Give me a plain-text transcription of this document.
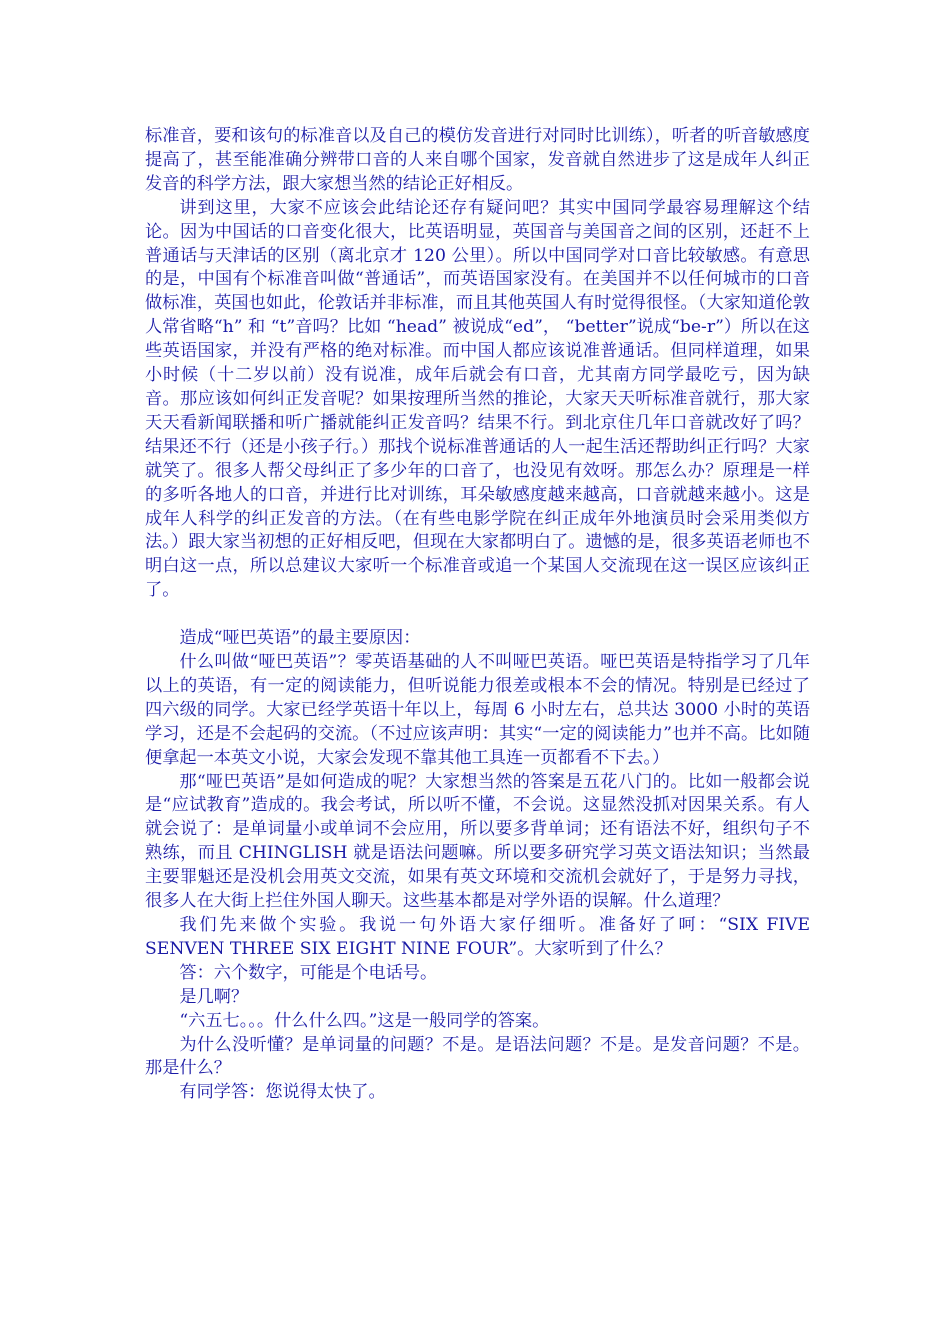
标准音，要和该句的标准音以及自己的模仿发音进行对同时比训练），听者的听音敏感度提高了，甚至能准确分辨带口音的人来自哪个国家，发音就自然进步了这是成年人纠正发音的科学方法，跟大家想当然的结论正好相反。

讲到这里，大家不应该会此结论还存有疑问吧？其实中国同学最容易理解这个结论。因为中国话的口音变化很大，比英语明显，英国音与美国音之间的区别，还赶不上普通话与天津话的区别（离北京才 120 公里）。所以中国同学对口音比较敏感。有意思的是，中国有个标准音叫做“普通话”，而英语国家没有。在美国并不以任何城市的口音做标准，英国也如此，伦敦话并非标准，而且其他英国人有时觉得很怪。（大家知道伦敦人常省略“h” 和 “t”音吗？比如 “head” 被说成“ed”， “better”说成“be-r”）所以在这些英语国家，并没有严格的绝对标准。而中国人都应该说准普通话。但同样道理，如果小时候（十二岁以前）没有说准，成年后就会有口音，尤其南方同学最吃亏，因为缺音。那应该如何纠正发音呢？如果按理所当然的推论，大家天天听标准音就行，那大家天天看新闻联播和听广播就能纠正发音吗？结果不行。到北京住几年口音就改好了吗？结果还不行（还是小孩子行。）那找个说标准普通话的人一起生活还帮助纠正行吗？大家就笑了。很多人帮父母纠正了多少年的口音了，也没见有效呀。那怎么办？原理是一样的多听各地人的口音，并进行比对训练，耳朵敏感度越来越高，口音就越来越小。这是成年人科学的纠正发音的方法。（在有些电影学院在纠正成年外地演员时会采用类似方法。）跟大家当初想的正好相反吧，但现在大家都明白了。遗憾的是，很多英语老师也不明白这一点，所以总建议大家听一个标准音或追一个某国人交流现在这一误区应该纠正了。

造成“哑巴英语”的最主要原因：

什么叫做“哑巴英语”？零英语基础的人不叫哑巴英语。哑巴英语是特指学习了几年以上的英语，有一定的阅读能力，但听说能力很差或根本不会的情况。特别是已经过了四六级的同学。大家已经学英语十年以上，每周 6 小时左右，总共达 3000 小时的英语学习，还是不会起码的交流。（不过应该声明：其实“一定的阅读能力”也并不高。比如随便拿起一本英文小说，大家会发现不靠其他工具连一页都看不下去。）

那“哑巴英语”是如何造成的呢？大家想当然的答案是五花八门的。比如一般都会说是“应试教育”造成的。我会考试，所以听不懂，不会说。这显然没抓对因果关系。有人就会说了：是单词量小或单词不会应用，所以要多背单词；还有语法不好，组织句子不熟练，而且 CHINGLISH 就是语法问题嘛。所以要多研究学习英文语法知识；当然最主要罪魁还是没机会用英文交流，如果有英文环境和交流机会就好了，于是努力寻找，很多人在大街上拦住外国人聊天。这些基本都是对学外语的误解。什么道理？

我们先来做个实验。我说一句外语大家仔细听。准备好了呵：“SIX FIVE SENVEN THREE SIX EIGHT NINE FOUR”。大家听到了什么？

答：六个数字，可能是个电话号。

是几啊？

“六五七。。。什么什么四。”这是一般同学的答案。

为什么没听懂？是单词量的问题？不是。是语法问题？不是。是发音问题？不是。那是什么？

有同学答：您说得太快了。
